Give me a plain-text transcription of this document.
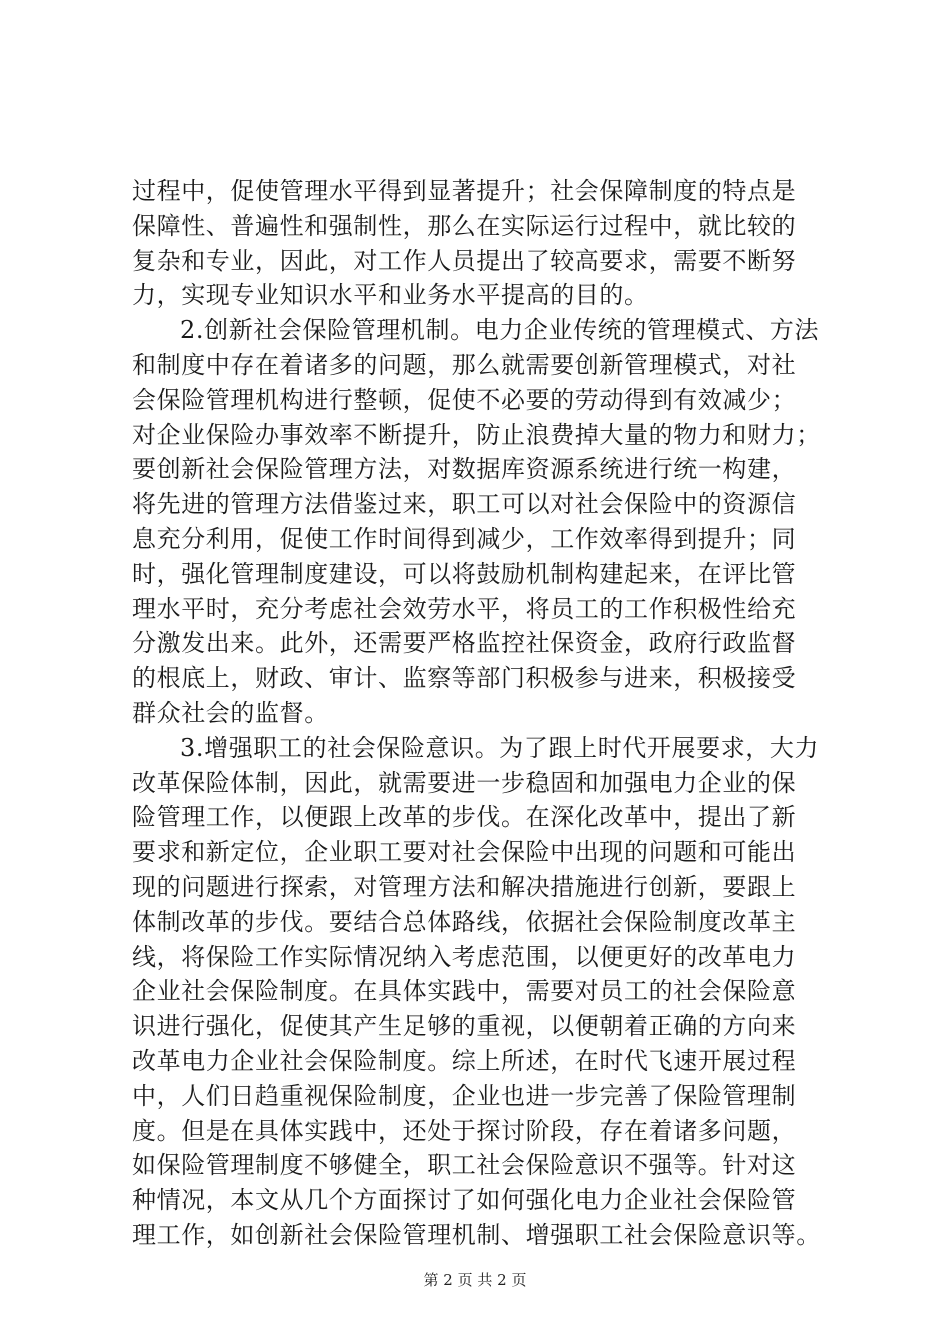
过程中，促使管理水平得到显著提升；社会保障制度的特点是
保障性、普遍性和强制性，那么在实际运行过程中，就比较的
复杂和专业，因此，对工作人员提出了较高要求，需要不断努
力，实现专业知识水平和业务水平提高的目的。
2.创新社会保险管理机制。电力企业传统的管理模式、方法
和制度中存在着诸多的问题，那么就需要创新管理模式，对社
会保险管理机构进行整顿，促使不必要的劳动得到有效减少；
对企业保险办事效率不断提升，防止浪费掉大量的物力和财力；
要创新社会保险管理方法，对数据库资源系统进行统一构建，
将先进的管理方法借鉴过来，职工可以对社会保险中的资源信
息充分利用，促使工作时间得到减少，工作效率得到提升；同
时，强化管理制度建设，可以将鼓励机制构建起来，在评比管
理水平时，充分考虑社会效劳水平，将员工的工作积极性给充
分激发出来。此外，还需要严格监控社保资金，政府行政监督
的根底上，财政、审计、监察等部门积极参与进来，积极接受
群众社会的监督。
3.增强职工的社会保险意识。为了跟上时代开展要求，大力
改革保险体制，因此，就需要进一步稳固和加强电力企业的保
险管理工作，以便跟上改革的步伐。在深化改革中，提出了新
要求和新定位，企业职工要对社会保险中出现的问题和可能出
现的问题进行探索，对管理方法和解决措施进行创新，要跟上
体制改革的步伐。要结合总体路线，依据社会保险制度改革主
线，将保险工作实际情况纳入考虑范围，以便更好的改革电力
企业社会保险制度。在具体实践中，需要对员工的社会保险意
识进行强化，促使其产生足够的重视，以便朝着正确的方向来
改革电力企业社会保险制度。综上所述，在时代飞速开展过程
中，人们日趋重视保险制度，企业也进一步完善了保险管理制
度。但是在具体实践中，还处于探讨阶段，存在着诸多问题，
如保险管理制度不够健全，职工社会保险意识不强等。针对这
种情况，本文从几个方面探讨了如何强化电力企业社会保险管
理工作，如创新社会保险管理机制、增强职工社会保险意识等。
第 2 页 共 2 页
